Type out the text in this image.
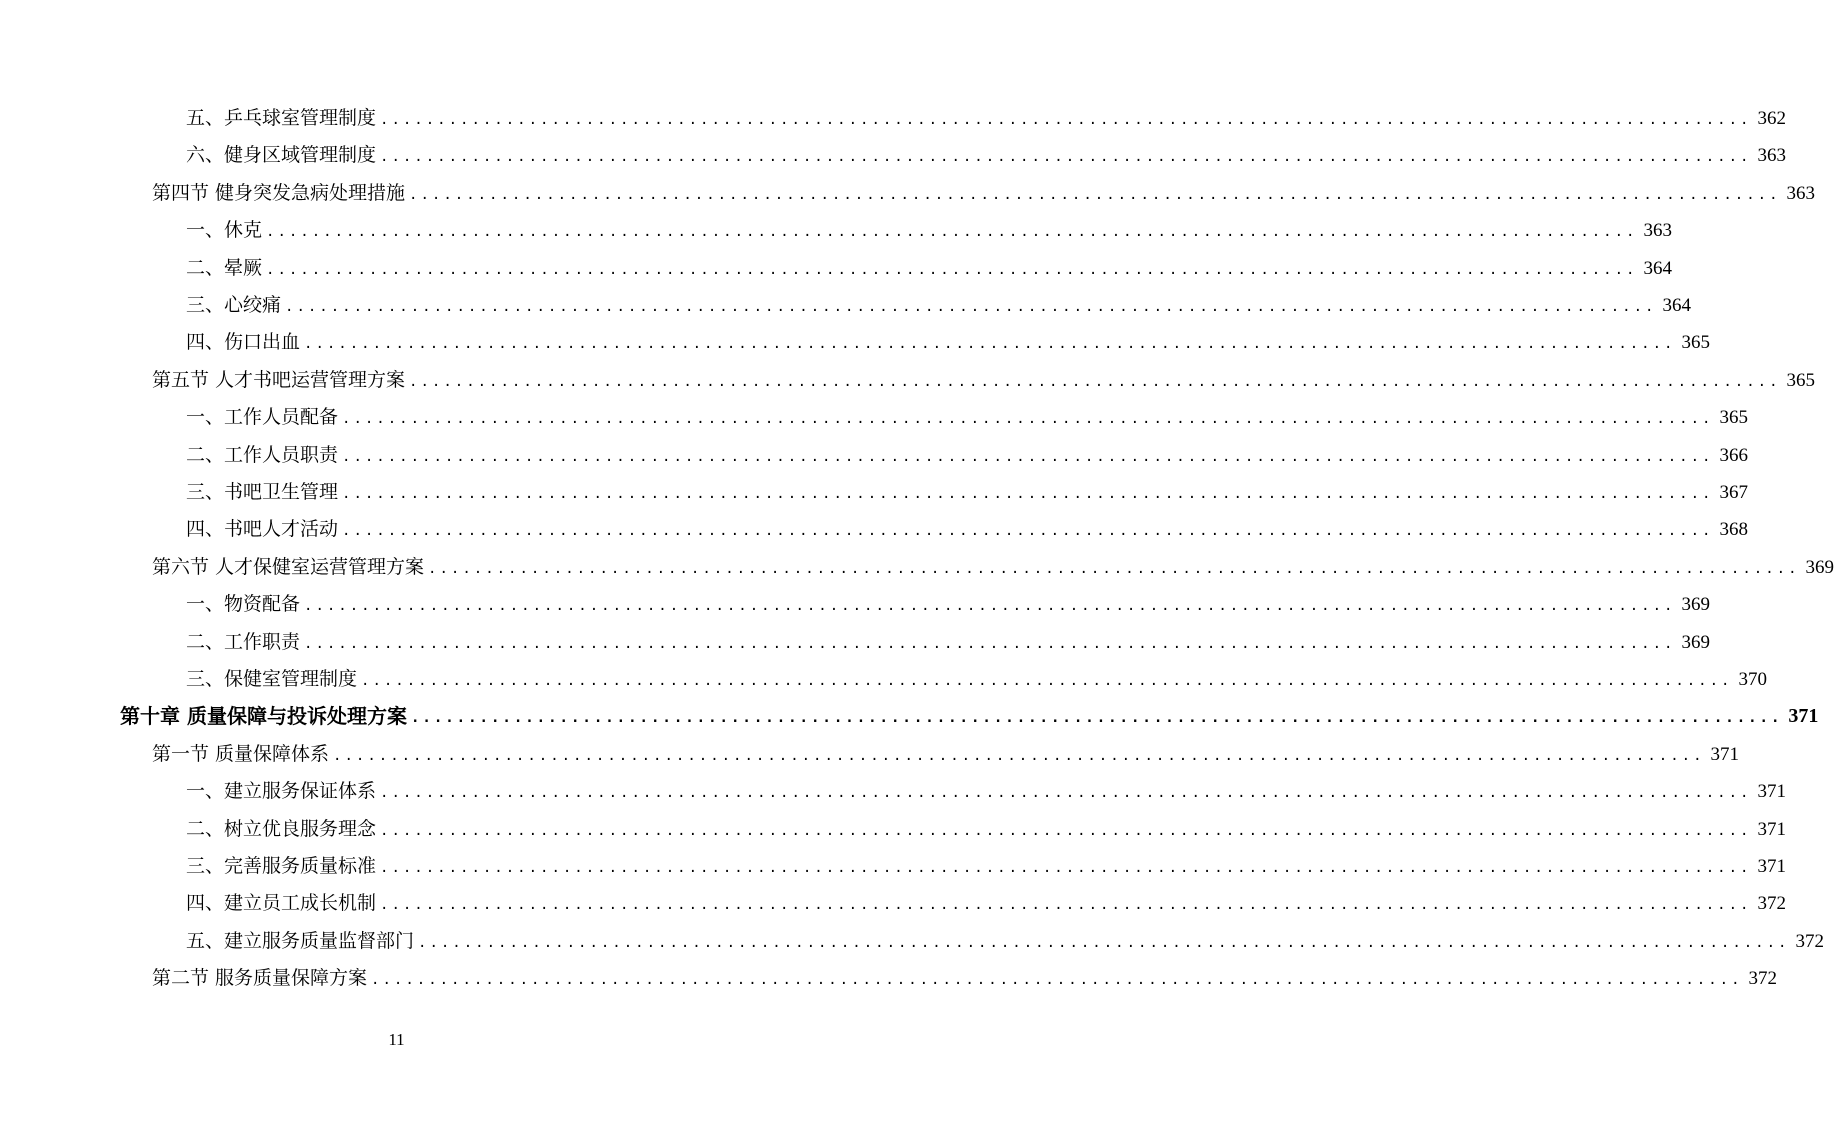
五、乒乓球室管理制度 ........................................................................................................................ 362
六、健身区域管理制度 ........................................................................................................................ 363
第四节 健身突发急病处理措施 ........................................................................................................................ 363
一、休克 ........................................................................................................................ 363
二、晕厥 ........................................................................................................................ 364
三、心绞痛 ........................................................................................................................ 364
四、伤口出血 ........................................................................................................................ 365
第五节 人才书吧运营管理方案 ........................................................................................................................ 365
一、工作人员配备 ........................................................................................................................ 365
二、工作人员职责 ........................................................................................................................ 366
三、书吧卫生管理 ........................................................................................................................ 367
四、书吧人才活动 ........................................................................................................................ 368
第六节 人才保健室运营管理方案 ........................................................................................................................ 369
一、物资配备 ........................................................................................................................ 369
二、工作职责 ........................................................................................................................ 369
三、保健室管理制度 ........................................................................................................................ 370
第十章 质量保障与投诉处理方案 ........................................................................................................................ 371
第一节 质量保障体系 ........................................................................................................................ 371
一、建立服务保证体系 ........................................................................................................................ 371
二、树立优良服务理念 ........................................................................................................................ 371
三、完善服务质量标准 ........................................................................................................................ 371
四、建立员工成长机制 ........................................................................................................................ 372
五、建立服务质量监督部门 ........................................................................................................................ 372
第二节 服务质量保障方案 ........................................................................................................................ 372
11
